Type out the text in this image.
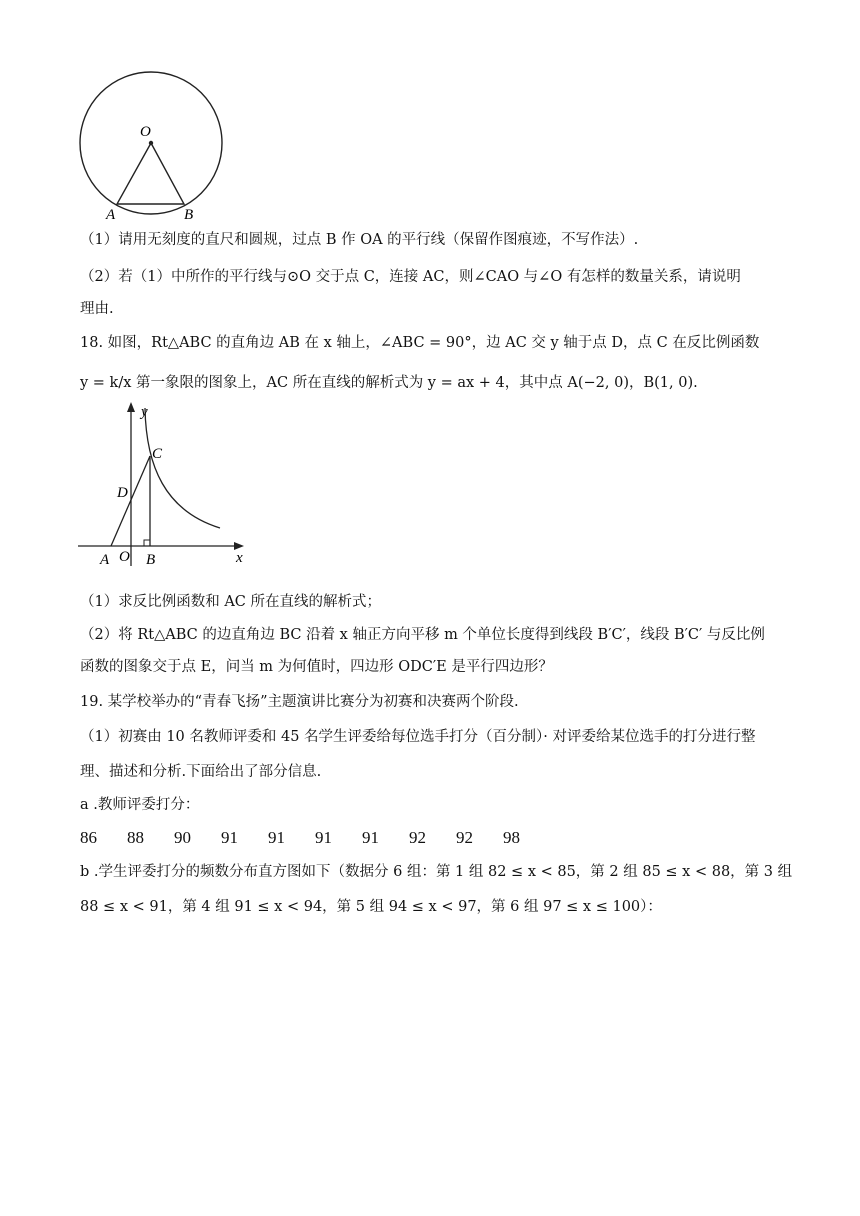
O
A	B
（1）请用无刻度的直尺和圆规，过点 B 作 OA 的平行线（保留作图痕迹，不写作法）.
（2）若（1）中所作的平行线与⊙O 交于点 C，连接 AC，则∠CAO 与∠O 有怎样的数量关系，请说明
理由.
18. 如图，Rt△ABC 的直角边 AB 在 x 轴上，∠ABC = 90°，边 AC 交 y 轴于点 D，点 C 在反比例函数
y = k/x 第一象限的图象上，AC 所在直线的解析式为 y = ax + 4，其中点 A(−2, 0)，B(1, 0).
y
C
D
A O B	x
（1）求反比例函数和 AC 所在直线的解析式；
（2）将 Rt△ABC 的边直角边 BC 沿着 x 轴正方向平移 m 个单位长度得到线段 B′C′，线段 B′C′ 与反比例
函数的图象交于点 E，问当 m 为何值时，四边形 ODC′E 是平行四边形？
19. 某学校举办的“青春飞扬”主题演讲比赛分为初赛和决赛两个阶段.
（1）初赛由 10 名教师评委和 45 名学生评委给每位选手打分（百分制）· 对评委给某位选手的打分进行整
理、描述和分析.下面给出了部分信息.
a .教师评委打分：
86 88 90 91 91 91 91 92 92 98
b .学生评委打分的频数分布直方图如下（数据分 6 组：第 1 组 82 ≤ x < 85，第 2 组 85 ≤ x < 88，第 3 组
88 ≤ x < 91，第 4 组 91 ≤ x < 94，第 5 组 94 ≤ x < 97，第 6 组 97 ≤ x ≤ 100）：
